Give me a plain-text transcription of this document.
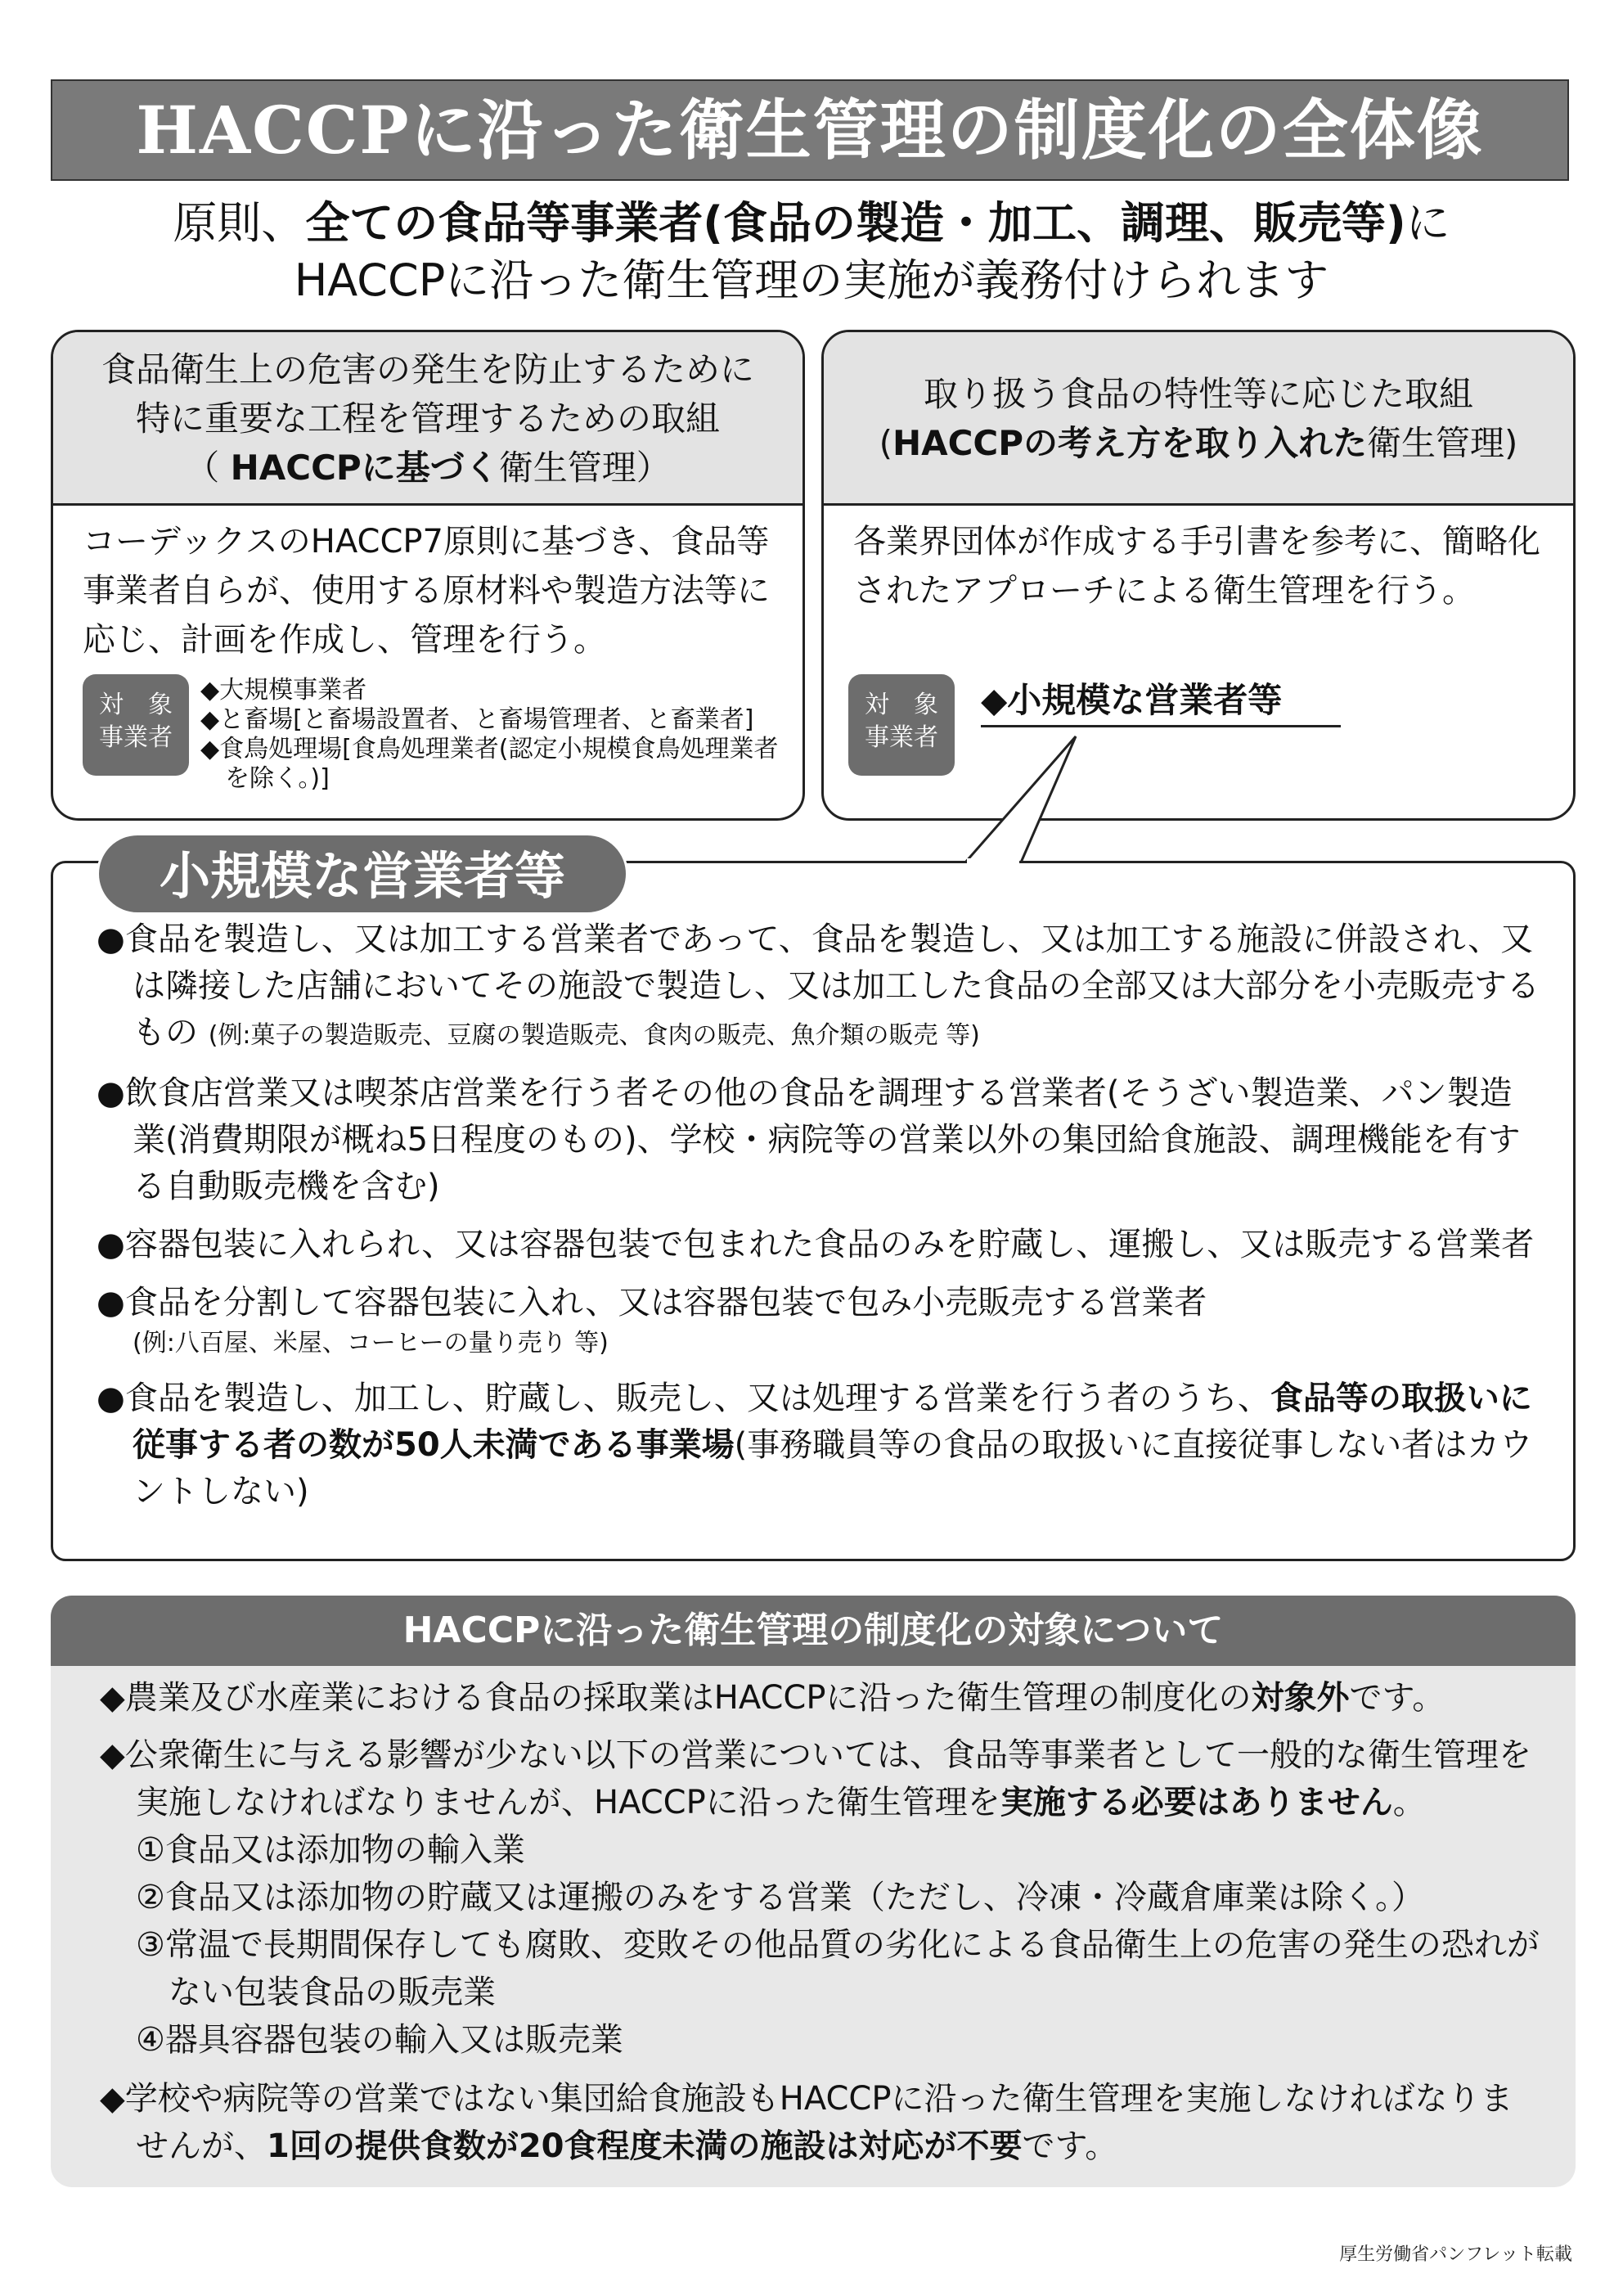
HACCPに沿った衛生管理の制度化の全体像
原則、全ての食品等事業者(食品の製造・加工、調理、販売等)に
HACCPに沿った衛生管理の実施が義務付けられます
食品衛生上の危害の発生を防止するために
特に重要な工程を管理するための取組
（ HACCPに基づく衛生管理）
コーデックスのHACCP7原則に基づき、食品等事業者自らが、使用する原材料や製造方法等に応じ、計画を作成し、管理を行う。
対　象
事業者
◆大規模事業者
◆と畜場[と畜場設置者、と畜場管理者、と畜業者]
◆食鳥処理場[食鳥処理業者(認定小規模食鳥処理業者を除く。)]
取り扱う食品の特性等に応じた取組
(HACCPの考え方を取り入れた衛生管理)
各業界団体が作成する手引書を参考に、簡略化されたアプローチによる衛生管理を行う。
対　象
事業者
◆小規模な営業者等
小規模な営業者等
●食品を製造し、又は加工する営業者であって、食品を製造し、又は加工する施設に併設され、又は隣接した店舗においてその施設で製造し、又は加工した食品の全部又は大部分を小売販売するもの (例:菓子の製造販売、豆腐の製造販売、食肉の販売、魚介類の販売 等)
●飲食店営業又は喫茶店営業を行う者その他の食品を調理する営業者(そうざい製造業、パン製造業(消費期限が概ね5日程度のもの)、学校・病院等の営業以外の集団給食施設、調理機能を有する自動販売機を含む)
●容器包装に入れられ、又は容器包装で包まれた食品のみを貯蔵し、運搬し、又は販売する営業者
●食品を分割して容器包装に入れ、又は容器包装で包み小売販売する営業者
(例:八百屋、米屋、コーヒーの量り売り 等)
●食品を製造し、加工し、貯蔵し、販売し、又は処理する営業を行う者のうち、食品等の取扱いに従事する者の数が50人未満である事業場(事務職員等の食品の取扱いに直接従事しない者はカウントしない)
HACCPに沿った衛生管理の制度化の対象について
◆農業及び水産業における食品の採取業はHACCPに沿った衛生管理の制度化の対象外です。
◆公衆衛生に与える影響が少ない以下の営業については、食品等事業者として一般的な衛生管理を実施しなければなりませんが、HACCPに沿った衛生管理を実施する必要はありません。
①食品又は添加物の輸入業
②食品又は添加物の貯蔵又は運搬のみをする営業（ただし、冷凍・冷蔵倉庫業は除く。）
③常温で長期間保存しても腐敗、変敗その他品質の劣化による食品衛生上の危害の発生の恐れがない包装食品の販売業
④器具容器包装の輸入又は販売業
◆学校や病院等の営業ではない集団給食施設もHACCPに沿った衛生管理を実施しなければなりませんが、1回の提供食数が20食程度未満の施設は対応が不要です。
厚生労働省パンフレット転載
